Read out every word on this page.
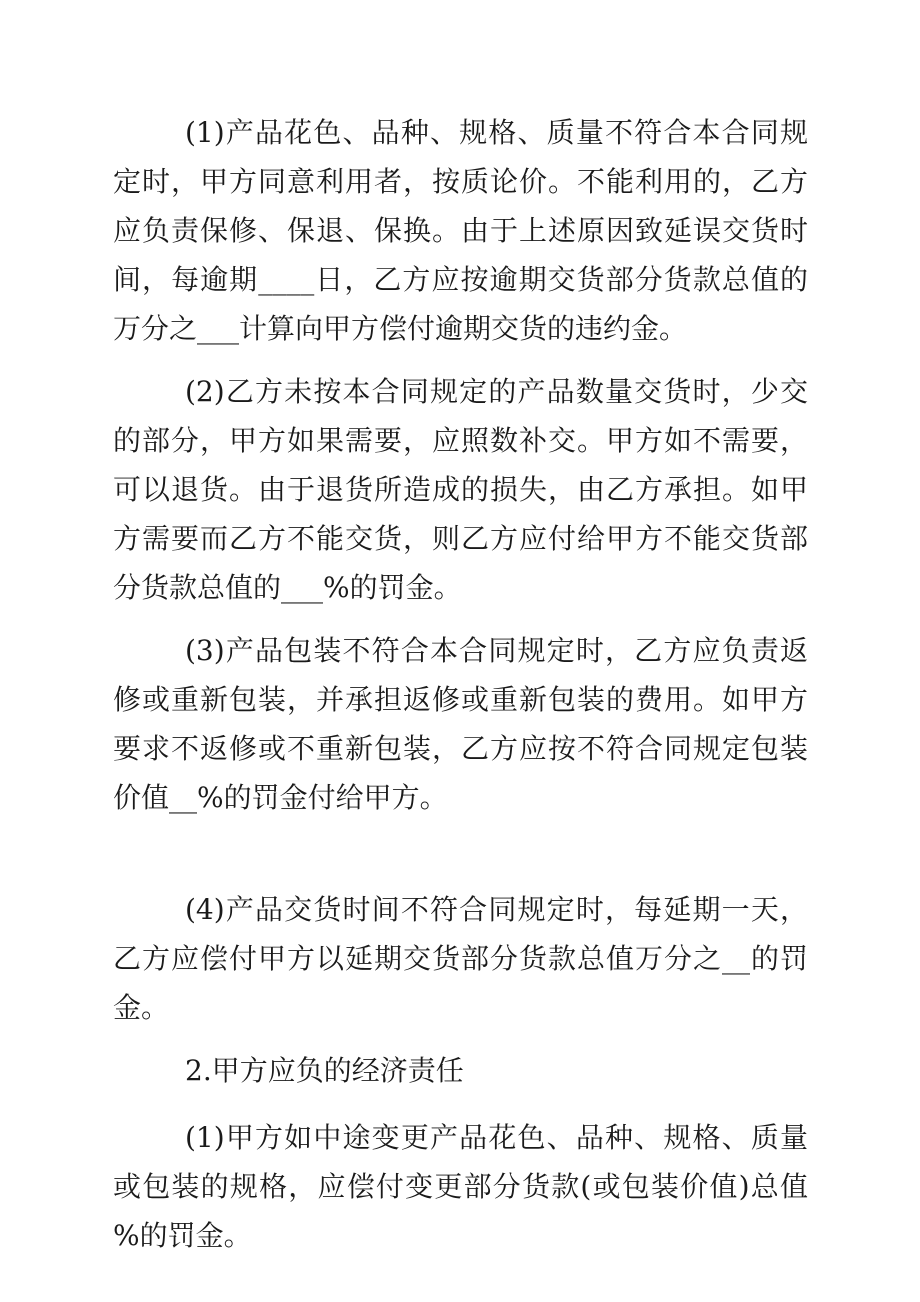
(1)产品花色、品种、规格、质量不符合本合同规定时，甲方同意利用者，按质论价。不能利用的，乙方应负责保修、保退、保换。由于上述原因致延误交货时间，每逾期____日，乙方应按逾期交货部分货款总值的万分之___计算向甲方偿付逾期交货的违约金。

(2)乙方未按本合同规定的产品数量交货时，少交的部分，甲方如果需要，应照数补交。甲方如不需要，可以退货。由于退货所造成的损失，由乙方承担。如甲方需要而乙方不能交货，则乙方应付给甲方不能交货部分货款总值的___%的罚金。

(3)产品包装不符合本合同规定时，乙方应负责返修或重新包装，并承担返修或重新包装的费用。如甲方要求不返修或不重新包装，乙方应按不符合同规定包装价值__%的罚金付给甲方。

(4)产品交货时间不符合同规定时，每延期一天，乙方应偿付甲方以延期交货部分货款总值万分之__的罚金。

2.甲方应负的经济责任

(1)甲方如中途变更产品花色、品种、规格、质量或包装的规格，应偿付变更部分货款(或包装价值)总值 %的罚金。
